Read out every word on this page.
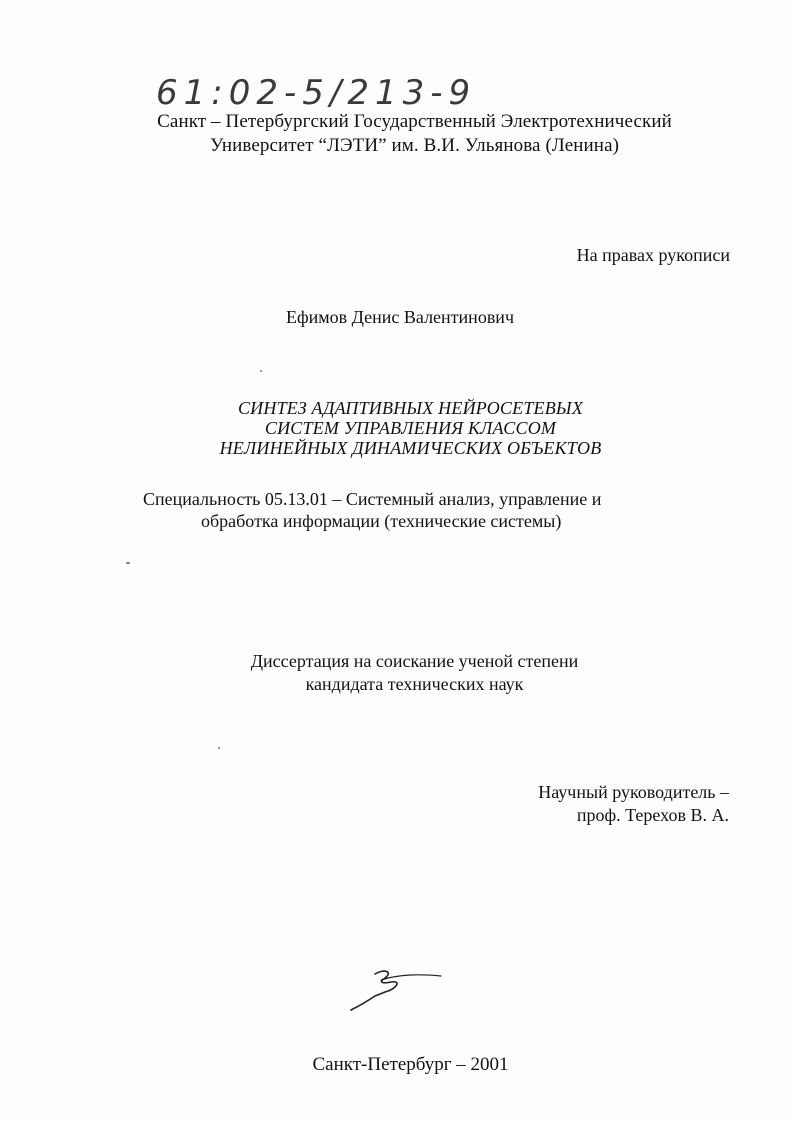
61:02-5/213-9
Санкт – Петербургский Государственный Электротехнический
Университет “ЛЭТИ” им. В.И. Ульянова (Ленина)
На правах рукописи
Ефимов Денис Валентинович
СИНТЕЗ АДАПТИВНЫХ НЕЙРОСЕТЕВЫХ
СИСТЕМ УПРАВЛЕНИЯ КЛАССОМ
НЕЛИНЕЙНЫХ ДИНАМИЧЕСКИХ ОБЪЕКТОВ
Специальность 05.13.01 – Системный анализ, управление и
обработка информации (технические системы)
Диссертация на соискание ученой степени
кандидата технических наук
Научный руководитель –
проф. Терехов В. А.
Санкт-Петербург – 2001
